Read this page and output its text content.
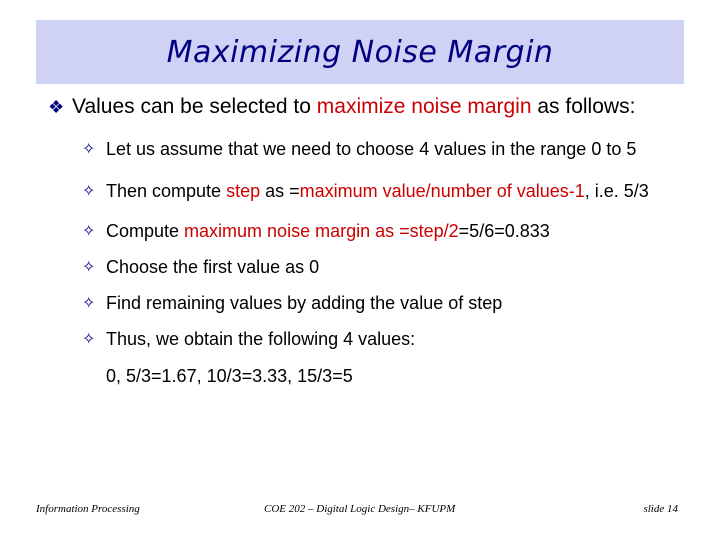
Maximizing Noise Margin
❖ Values can be selected to maximize noise margin as follows:
✧ Let us assume that we need to choose 4 values in the range 0 to 5
✧ Then compute step as =maximum value/number of values-1, i.e. 5/3
✧ Compute maximum noise margin as =step/2=5/6=0.833
✧ Choose the first value as 0
✧ Find remaining values by adding the value of step
✧ Thus, we obtain the following 4 values:
0, 5/3=1.67, 10/3=3.33, 15/3=5
Information Processing	COE 202 – Digital Logic Design– KFUPM	slide 14
